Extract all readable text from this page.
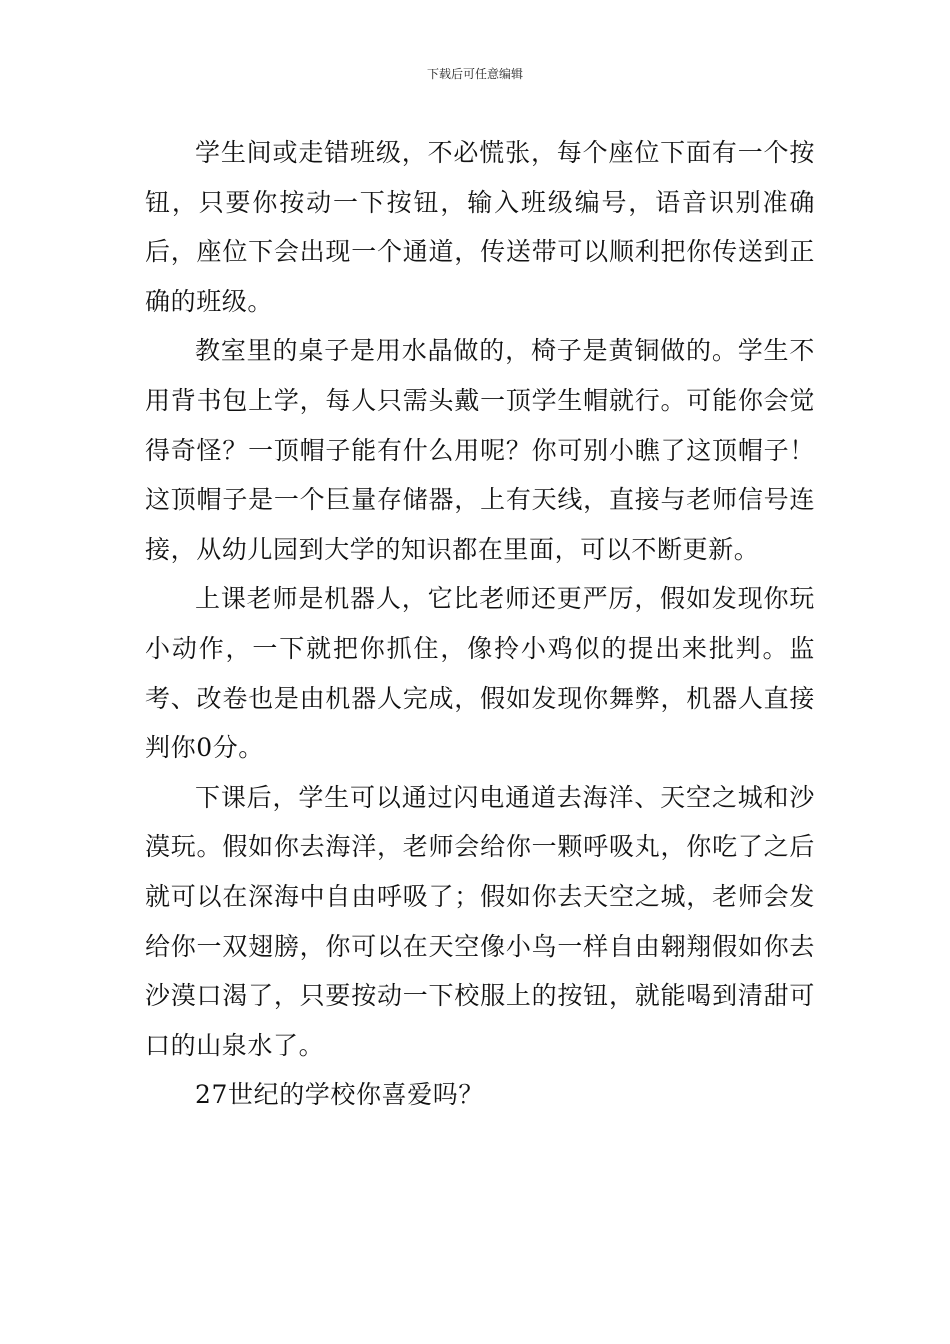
下载后可任意编辑

学生间或走错班级，不必慌张，每个座位下面有一个按钮，只要你按动一下按钮，输入班级编号，语音识别准确后，座位下会出现一个通道，传送带可以顺利把你传送到正确的班级。

教室里的桌子是用水晶做的，椅子是黄铜做的。学生不用背书包上学，每人只需头戴一顶学生帽就行。可能你会觉得奇怪？一顶帽子能有什么用呢？你可别小瞧了这顶帽子！这顶帽子是一个巨量存储器，上有天线，直接与老师信号连接，从幼儿园到大学的知识都在里面，可以不断更新。

上课老师是机器人，它比老师还更严厉，假如发现你玩小动作，一下就把你抓住，像拎小鸡似的提出来批判。监考、改卷也是由机器人完成，假如发现你舞弊，机器人直接判你0分。

下课后，学生可以通过闪电通道去海洋、天空之城和沙漠玩。假如你去海洋，老师会给你一颗呼吸丸，你吃了之后就可以在深海中自由呼吸了；假如你去天空之城，老师会发给你一双翅膀，你可以在天空像小鸟一样自由翱翔假如你去沙漠口渴了，只要按动一下校服上的按钮，就能喝到清甜可口的山泉水了。

27世纪的学校你喜爱吗？
